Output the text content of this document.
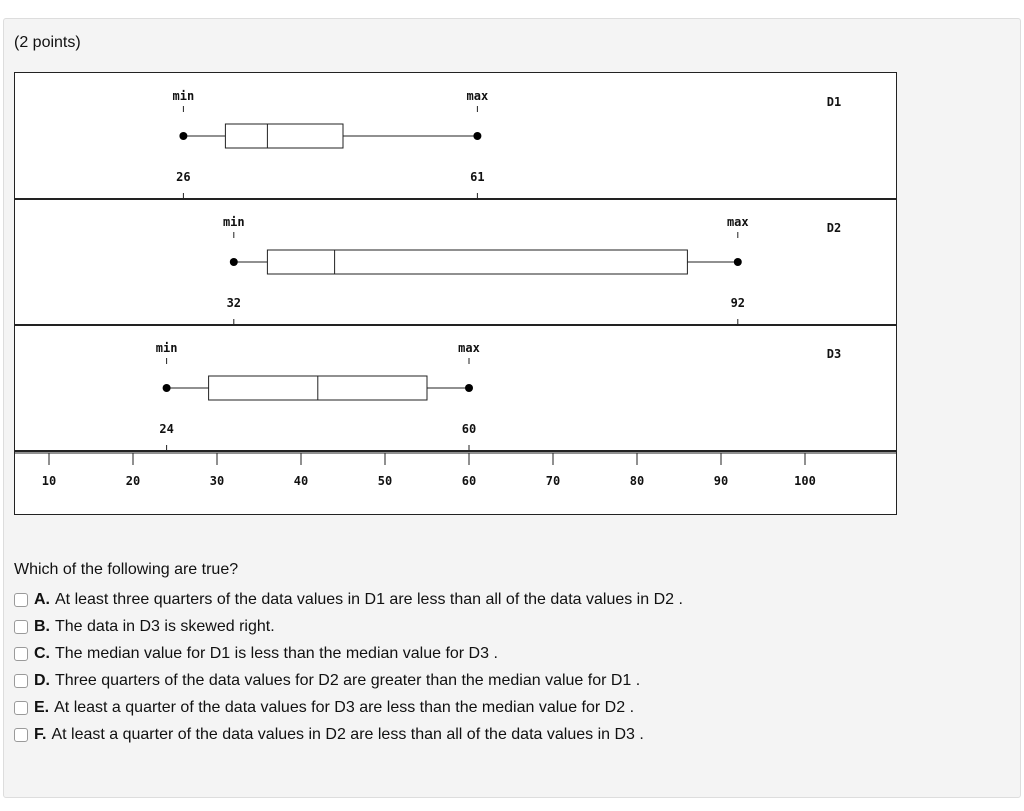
(2 points)
D1
min	max
26	61
D2
min	max
32	92
D3
min	max
24	60
10	20	30	40	50	60	70	80	90	100
Which of the following are true?
A. At least three quarters of the data values in D1 are less than all of the data values in D2 .
B. The data in D3 is skewed right.
C. The median value for D1 is less than the median value for D3 .
D. Three quarters of the data values for D2 are greater than the median value for D1 .
E. At least a quarter of the data values for D3 are less than the median value for D2 .
F. At least a quarter of the data values in D2 are less than all of the data values in D3 .
